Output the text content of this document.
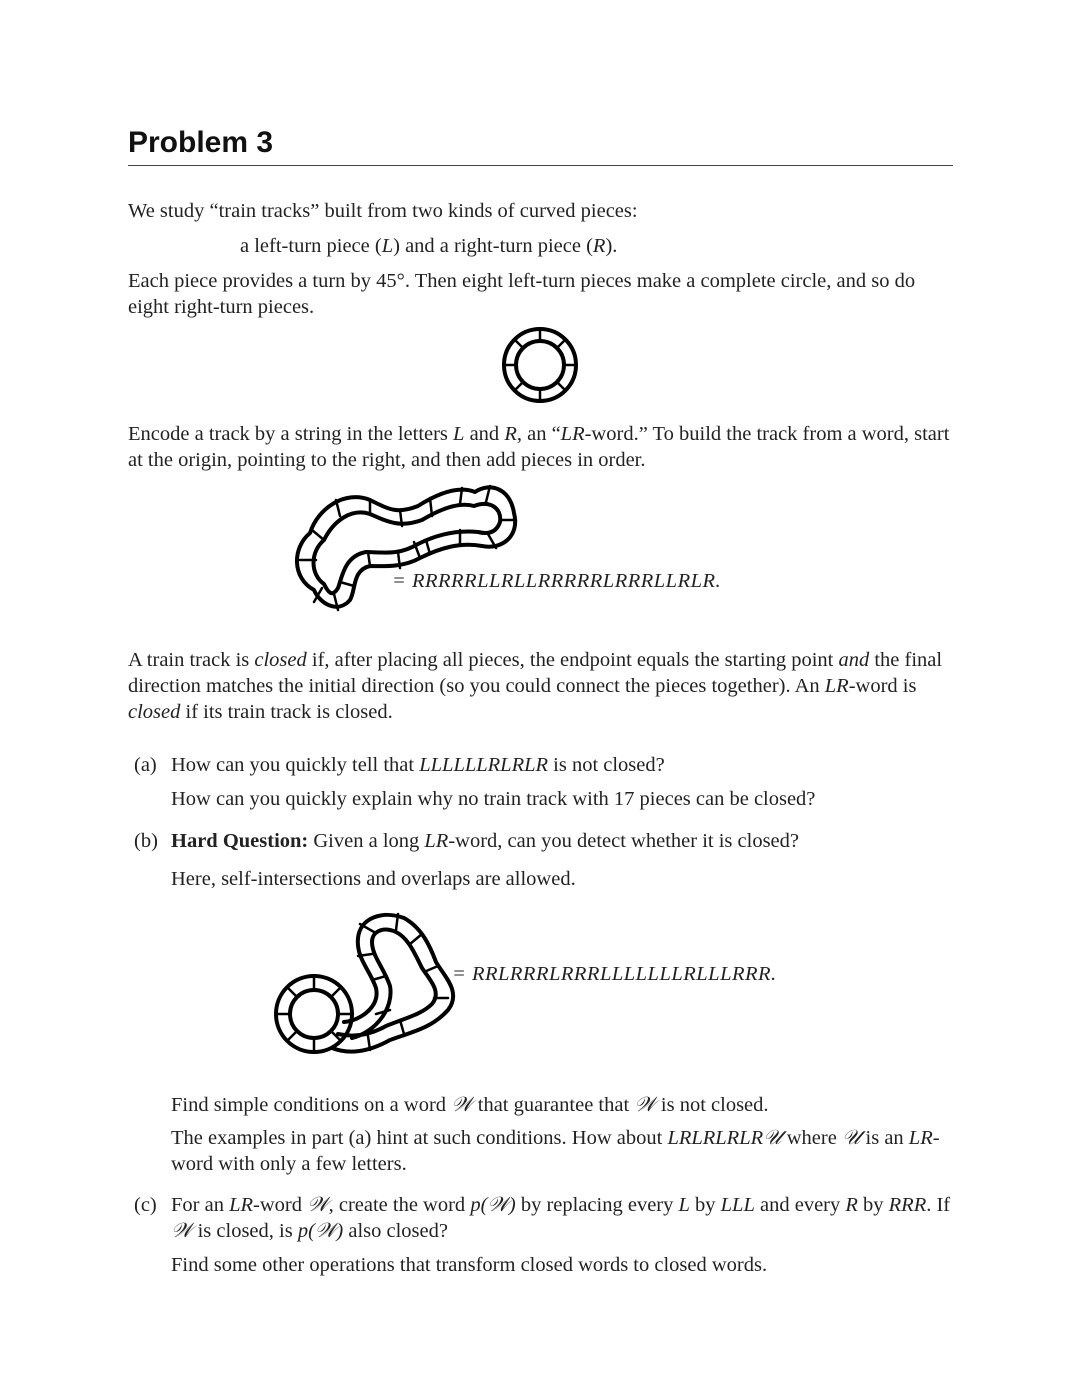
Problem 3
We study “train tracks” built from two kinds of curved pieces:
a left-turn piece (L) and a right-turn piece (R).
Each piece provides a turn by 45°. Then eight left-turn pieces make a complete circle, and so do eight right-turn pieces.
Encode a track by a string in the letters L and R, an “LR-word.” To build the track from a word, start at the origin, pointing to the right, and then add pieces in order.
= RRRRRLLRLLRRRRRLRRRLLRLR.
A train track is closed if, after placing all pieces, the endpoint equals the starting point and the final direction matches the initial direction (so you could connect the pieces together). An LR-word is closed if its train track is closed.
(a) How can you quickly tell that LLLLLLRLRLR is not closed?
How can you quickly explain why no train track with 17 pieces can be closed?
(b) Hard Question: Given a long LR-word, can you detect whether it is closed?
Here, self-intersections and overlaps are allowed.
= RRLRRRLRRRLLLLLLLRLLLRRR.
Find simple conditions on a word 𝒲 that guarantee that 𝒲 is not closed.
The examples in part (a) hint at such conditions. How about LRLRLRLR𝒰 where 𝒰 is an LR-word with only a few letters.
(c) For an LR-word 𝒲, create the word p(𝒲) by replacing every L by LLL and every R by RRR. If 𝒲 is closed, is p(𝒲) also closed?
Find some other operations that transform closed words to closed words.
